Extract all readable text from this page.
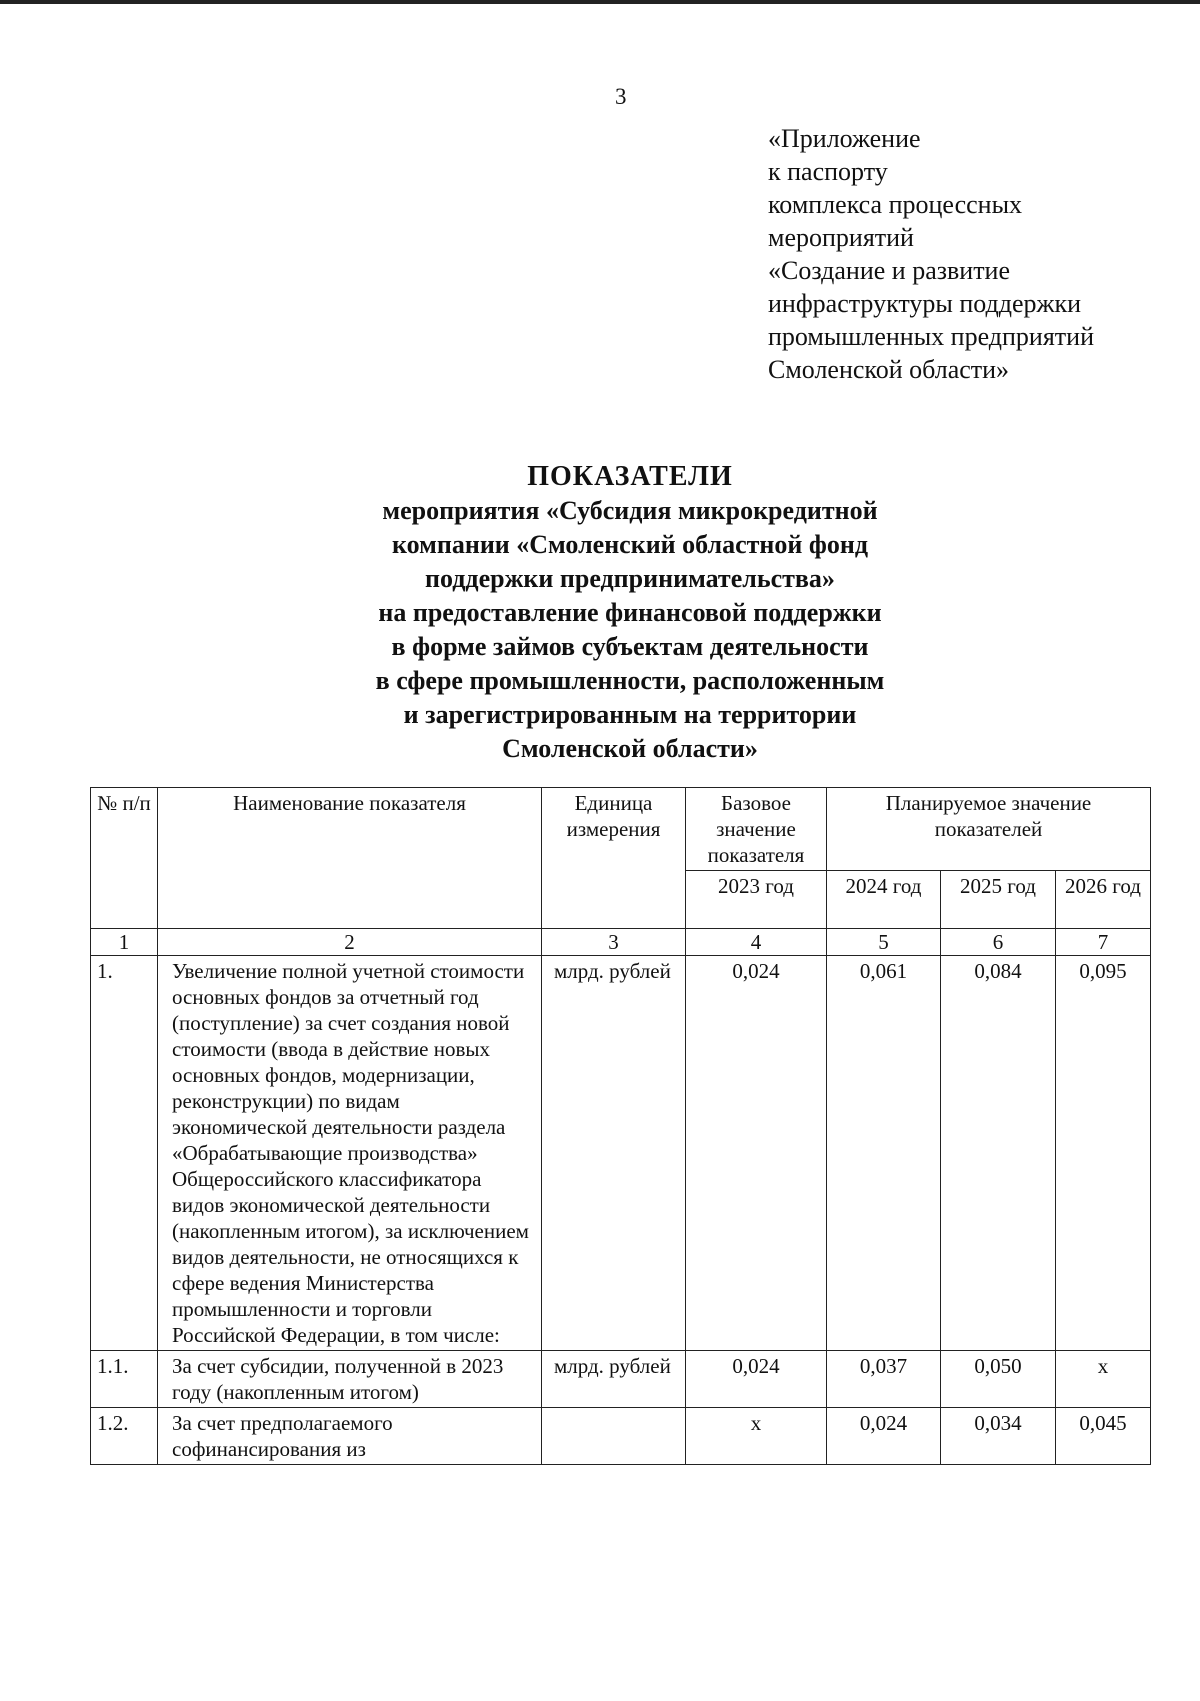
3
«Приложение
к паспорту
комплекса процессных
мероприятий
«Создание и развитие
инфраструктуры поддержки
промышленных предприятий
Смоленской области»
ПОКАЗАТЕЛИ
мероприятия «Субсидия микрокредитной
компании «Смоленский областной фонд
поддержки предпринимательства»
на предоставление финансовой поддержки
в форме займов субъектам деятельности
в сфере промышленности, расположенным
и зарегистрированным на территории
Смоленской области»
№ п/п	Наименование показателя	Единица измерения	Базовое значение показателя	Планируемое значение показателей		
			2023 год	2024 год	2025 год	2026 год
1	2	3	4	5	6	7
1.	Увеличение полной учетной стоимости основных фондов за отчетный год (поступление) за счет создания новой стоимости (ввода в действие новых основных фондов, модернизации, реконструкции) по видам экономической деятельности раздела «Обрабатывающие производства» Общероссийского классификатора видов экономической деятельности (накопленным итогом), за исключением видов деятельности, не относящихся к сфере ведения Министерства промышленности и торговли Российской Федерации, в том числе:	млрд. рублей	0,024	0,061	0,084	0,095
1.1.	За счет субсидии, полученной в 2023 году (накопленным итогом)	млрд. рублей	0,024	0,037	0,050	x
1.2.	За счет предполагаемого софинансирования из		x	0,024	0,034	0,045
